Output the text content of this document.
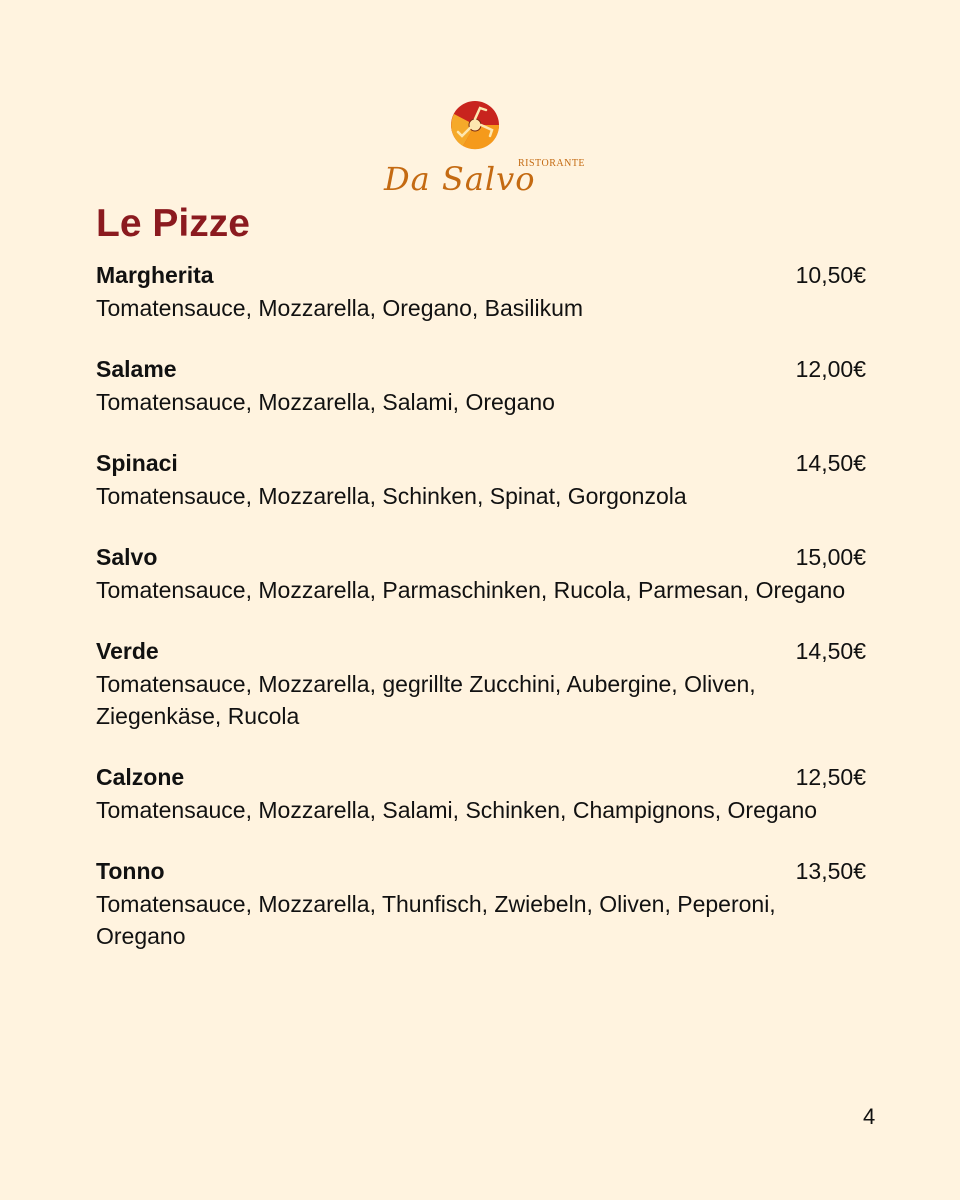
RISTORANTE
Da Salvo
Le Pizze
Margherita	10,50€
Tomatensauce, Mozzarella, Oregano, Basilikum
Salame	12,00€
Tomatensauce, Mozzarella, Salami, Oregano
Spinaci	14,50€
Tomatensauce, Mozzarella, Schinken, Spinat, Gorgonzola
Salvo	15,00€
Tomatensauce, Mozzarella, Parmaschinken, Rucola, Parmesan, Oregano
Verde	14,50€
Tomatensauce, Mozzarella, gegrillte Zucchini, Aubergine, Oliven, Ziegenkäse, Rucola
Calzone	12,50€
Tomatensauce, Mozzarella, Salami, Schinken, Champignons, Oregano
Tonno	13,50€
Tomatensauce, Mozzarella, Thunfisch, Zwiebeln, Oliven, Peperoni, Oregano
4
